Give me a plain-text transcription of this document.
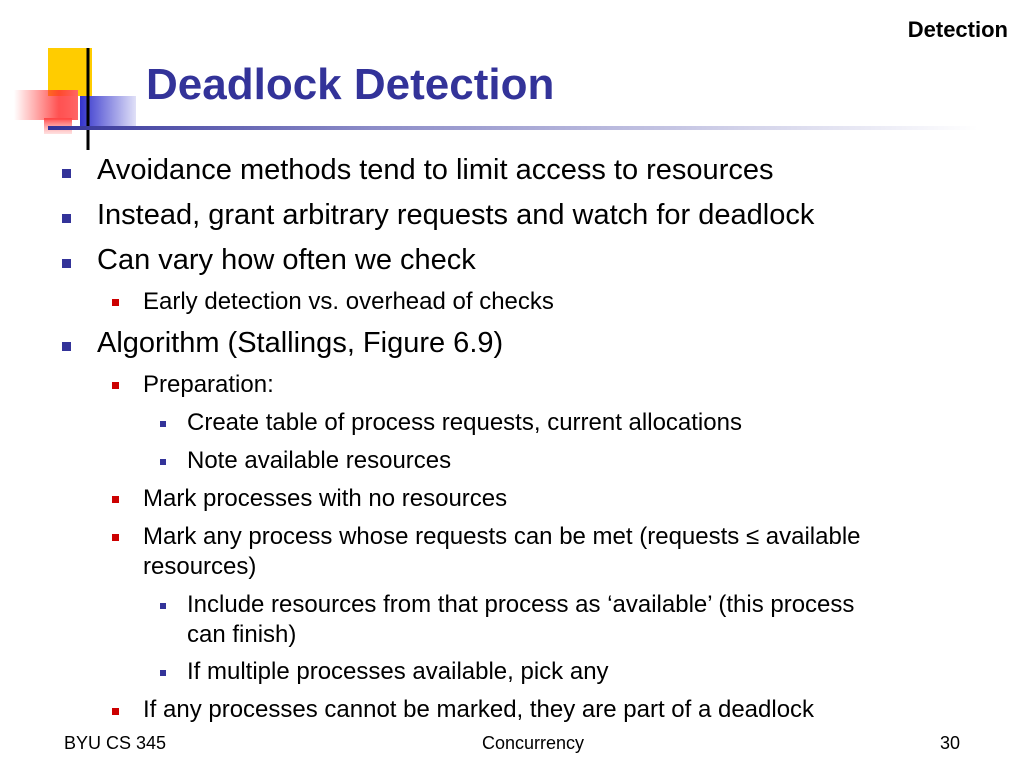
Detection
Deadlock Detection
Avoidance methods tend to limit access to resources
Instead, grant arbitrary requests and watch for deadlock
Can vary how often we check
Early detection vs. overhead of checks
Algorithm (Stallings, Figure 6.9)
Preparation:
Create table of process requests, current allocations
Note available resources
Mark processes with no resources
Mark any process whose requests can be met (requests ≤ available
resources)
Include resources from that process as ‘available’ (this process
can finish)
If multiple processes available, pick any
If any processes cannot be marked, they are part of a deadlock
BYU CS 345	Concurrency	30
